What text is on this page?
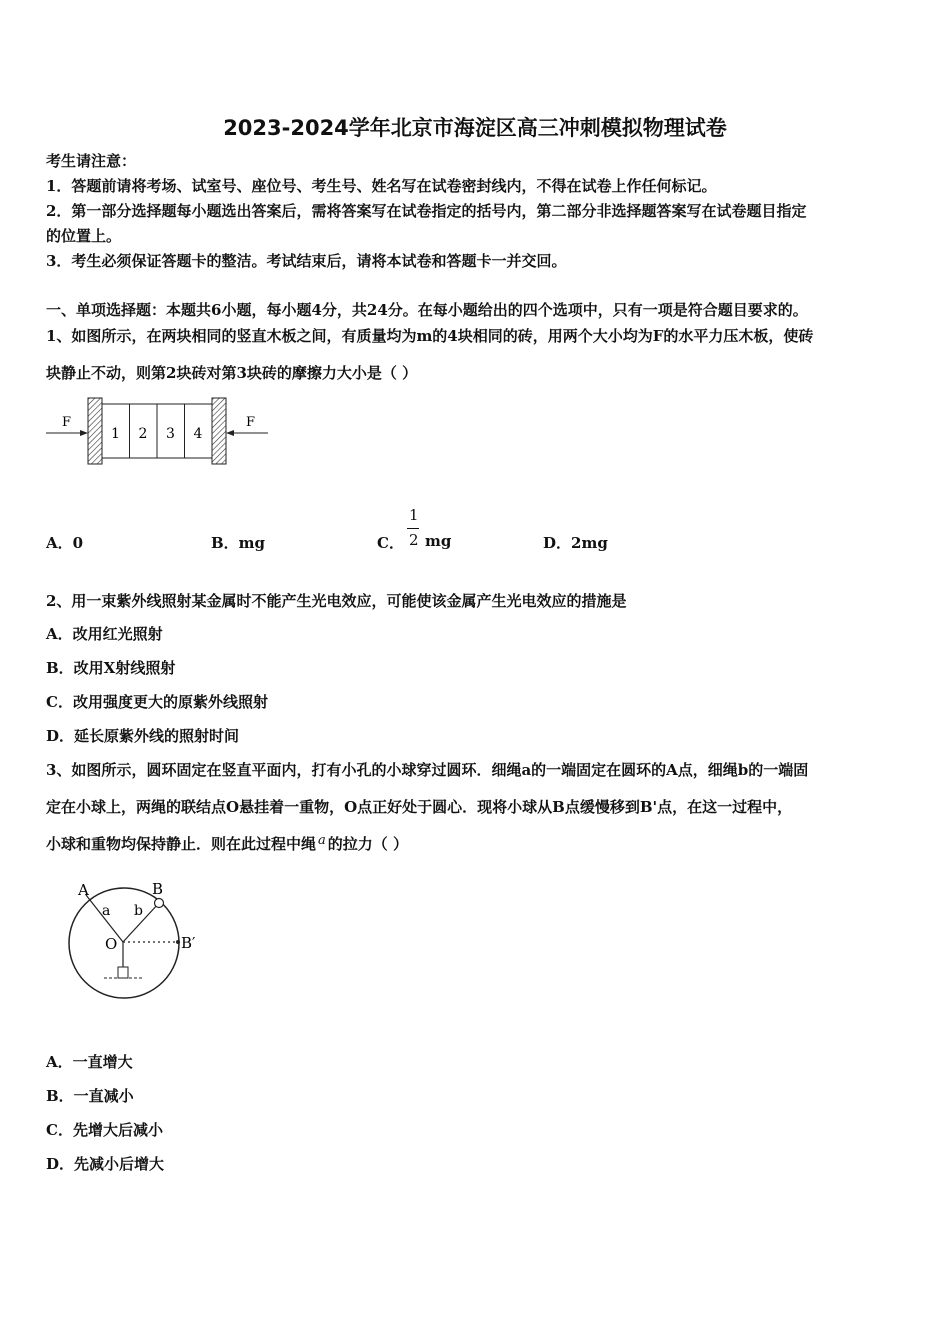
2023-2024学年北京市海淀区高三冲刺模拟物理试卷
考生请注意：
1．答题前请将考场、试室号、座位号、考生号、姓名写在试卷密封线内，不得在试卷上作任何标记。
2．第一部分选择题每小题选出答案后，需将答案写在试卷指定的括号内，第二部分非选择题答案写在试卷题目指定
的位置上。
3．考生必须保证答题卡的整洁。考试结束后，请将本试卷和答题卡一并交回。
一、单项选择题：本题共6小题，每小题4分，共24分。在每小题给出的四个选项中，只有一项是符合题目要求的。
1、如图所示，在两块相同的竖直木板之间，有质量均为m的4块相同的砖，用两个大小均为F的水平力压木板，使砖
块静止不动，则第2块砖对第3块砖的摩擦力大小是（ ）
1 2 3 4
F	F
A．0	B．mg	C．
1
2 mg	D．2mg
2、用一束紫外线照射某金属时不能产生光电效应，可能使该金属产生光电效应的措施是
A．改用红光照射
B．改用X射线照射
C．改用强度更大的原紫外线照射
D．延长原紫外线的照射时间
3、如图所示，圆环固定在竖直平面内，打有小孔的小球穿过圆环．细绳a的一端固定在圆环的A点，细绳b的一端固
定在小球上，两绳的联结点O悬挂着一重物，O点正好处于圆心．现将小球从B点缓慢移到B'点，在这一过程中，
小球和重物均保持静止．则在此过程中绳 a 的拉力（ ）
A	B
B′
O
a b
A．一直增大
B．一直减小
C．先增大后减小
D．先减小后增大
